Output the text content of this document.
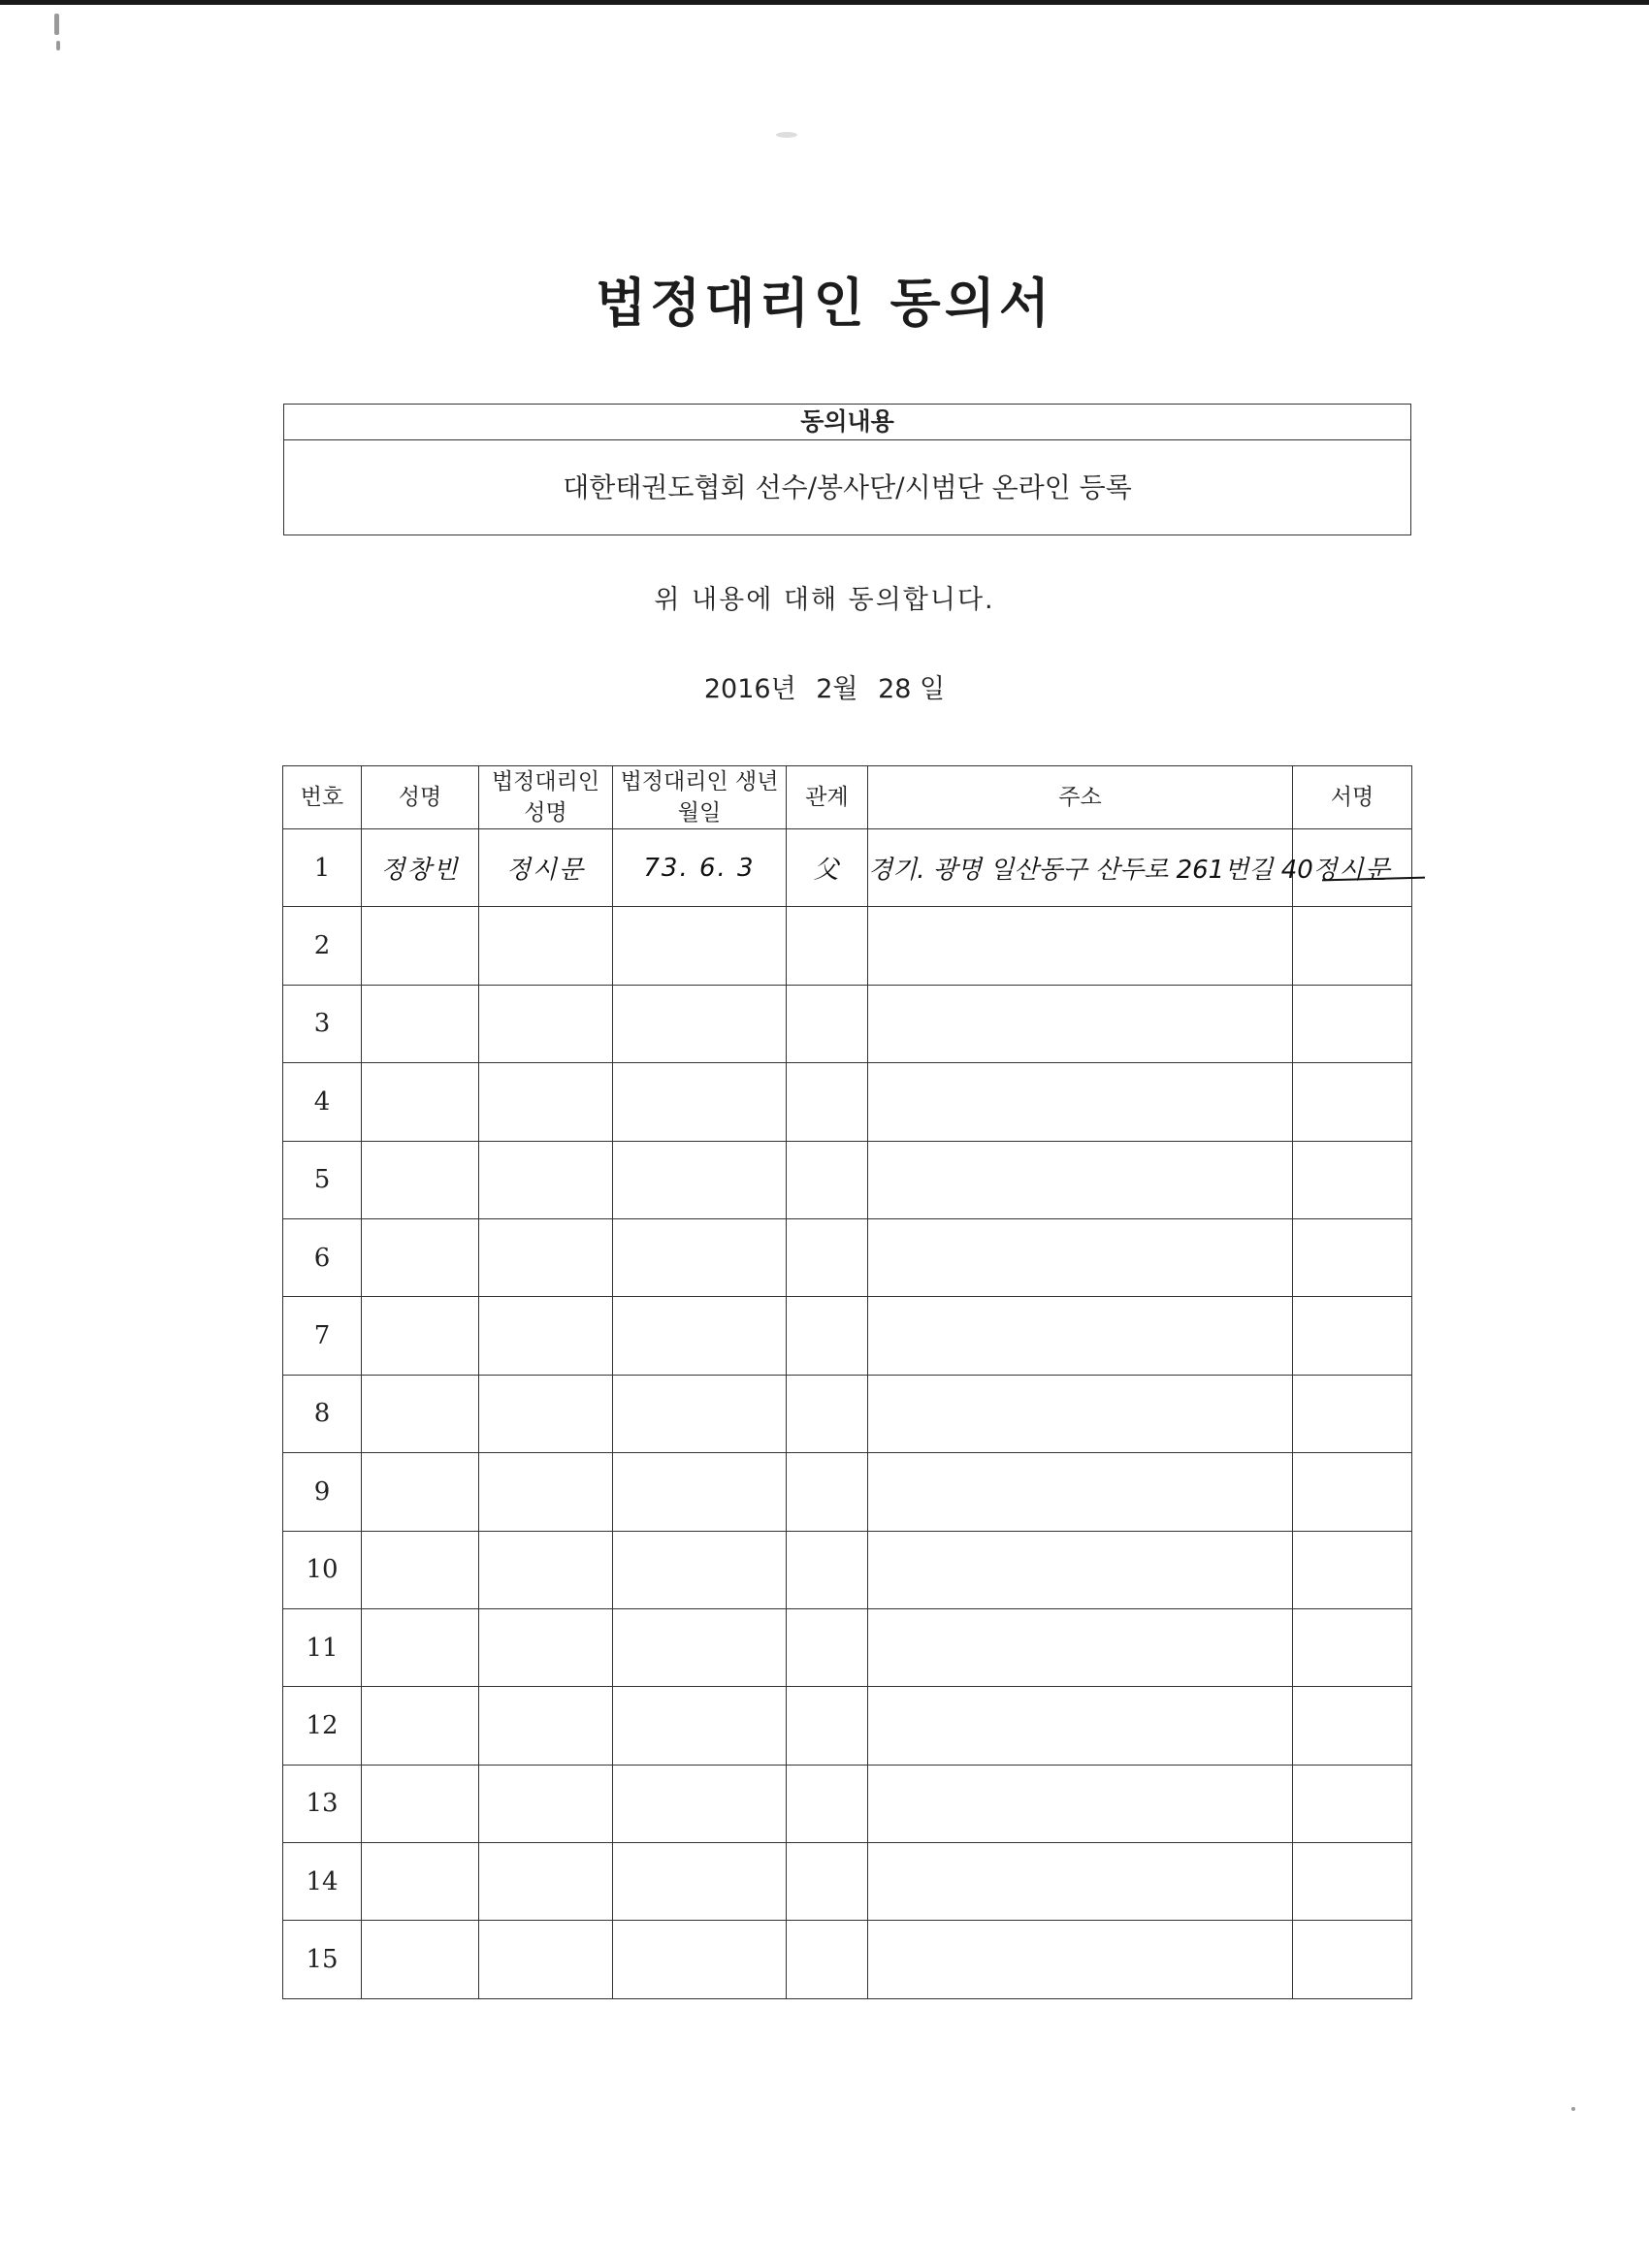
법정대리인 동의서
동의내용
대한태권도협회 선수/봉사단/시범단 온라인 등록
위 내용에 대해 동의합니다.
2016년 2월 28 일
번호	성명	법정대리인 성명	법정대리인 생년월일	관계	주소	서명
1	정창빈	정시문	73. 6. 3	父	경기. 광명 일산동구 산두로 261번길 40	정시문

2						
3						
4						
5						
6						
7						
8						
9						
10						
11						
12						
13						
14						
15						
